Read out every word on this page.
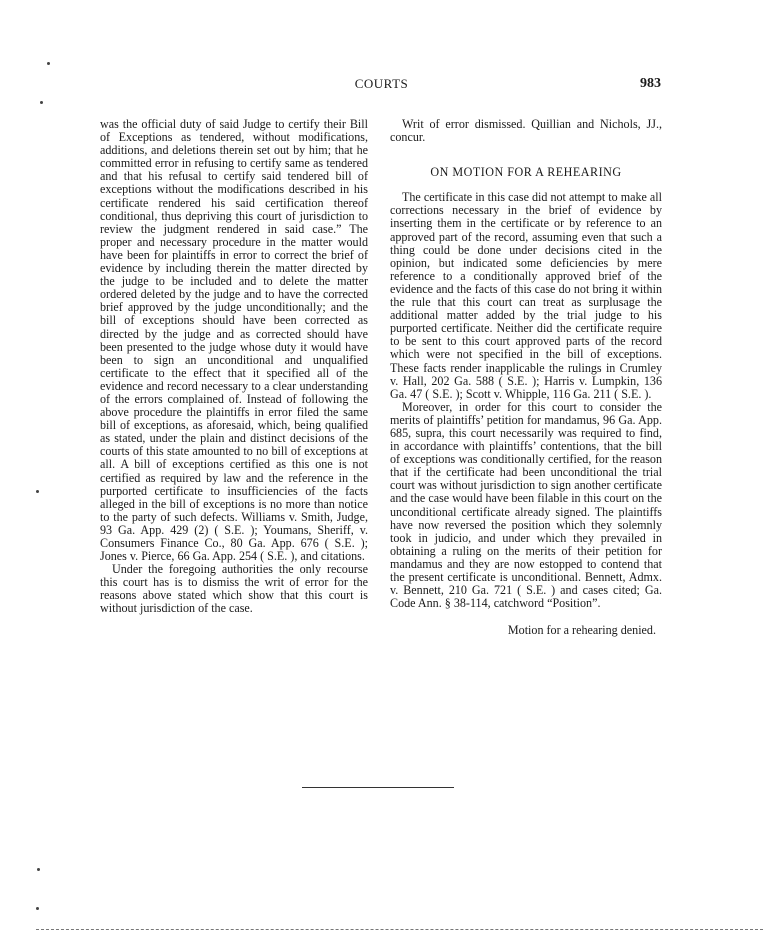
COURTS	983

was the official duty of said Judge to certify their Bill of Exceptions as tendered, without modifications, additions, and deletions therein set out by him; that he committed error in refusing to certify same as tendered and that his refusal to certify said tendered bill of exceptions without the modifications described in his certificate rendered his said certification thereof conditional, thus depriving this court of jurisdiction to review the judgment rendered in said case.” The proper and necessary procedure in the matter would have been for plaintiffs in error to correct the brief of evidence by including therein the matter directed by the judge to be included and to delete the matter ordered deleted by the judge and to have the corrected brief approved by the judge unconditionally; and the bill of exceptions should have been corrected as directed by the judge and as corrected should have been presented to the judge whose duty it would have been to sign an unconditional and unqualified certificate to the effect that it specified all of the evidence and record necessary to a clear understanding of the errors complained of. Instead of following the above procedure the plaintiffs in error filed the same bill of exceptions, as aforesaid, which, being qualified as stated, under the plain and distinct decisions of the courts of this state amounted to no bill of exceptions at all. A bill of exceptions certified as this one is not certified as required by law and the reference in the purported certificate to insufficiencies of the facts alleged in the bill of exceptions is no more than notice to the party of such defects. Williams v. Smith, Judge, 93 Ga. App. 429 (2) ( S.E. ); Youmans, Sheriff, v. Consumers Finance Co., 80 Ga. App. 676 ( S.E. ); Jones v. Pierce, 66 Ga. App. 254 ( S.E. ), and citations.

Under the foregoing authorities the only recourse this court has is to dismiss the writ of error for the reasons above stated which show that this court is without jurisdiction of the case.

Writ of error dismissed. Quillian and Nichols, JJ., concur.

ON MOTION FOR A REHEARING

The certificate in this case did not attempt to make all corrections necessary in the brief of evidence by inserting them in the certificate or by reference to an approved part of the record, assuming even that such a thing could be done under decisions cited in the opinion, but indicated some deficiencies by mere reference to a conditionally approved brief of the evidence and the facts of this case do not bring it within the rule that this court can treat as surplusage the additional matter added by the trial judge to his purported certificate. Neither did the certificate require to be sent to this court approved parts of the record which were not specified in the bill of exceptions. These facts render inapplicable the rulings in Crumley v. Hall, 202 Ga. 588 ( S.E. ); Harris v. Lumpkin, 136 Ga. 47 ( S.E. ); Scott v. Whipple, 116 Ga. 211 ( S.E. ).

Moreover, in order for this court to consider the merits of plaintiffs’ petition for mandamus, 96 Ga. App. 685, supra, this court necessarily was required to find, in accordance with plaintiffs’ contentions, that the bill of exceptions was conditionally certified, for the reason that if the certificate had been unconditional the trial court was without jurisdiction to sign another certificate and the case would have been filable in this court on the unconditional certificate already signed. The plaintiffs have now reversed the position which they solemnly took in judicio, and under which they prevailed in obtaining a ruling on the merits of their petition for mandamus and they are now estopped to contend that the present certificate is unconditional. Bennett, Admx. v. Bennett, 210 Ga. 721 ( S.E. ) and cases cited; Ga. Code Ann. § 38-114, catchword “Position”.

Motion for a rehearing denied.
